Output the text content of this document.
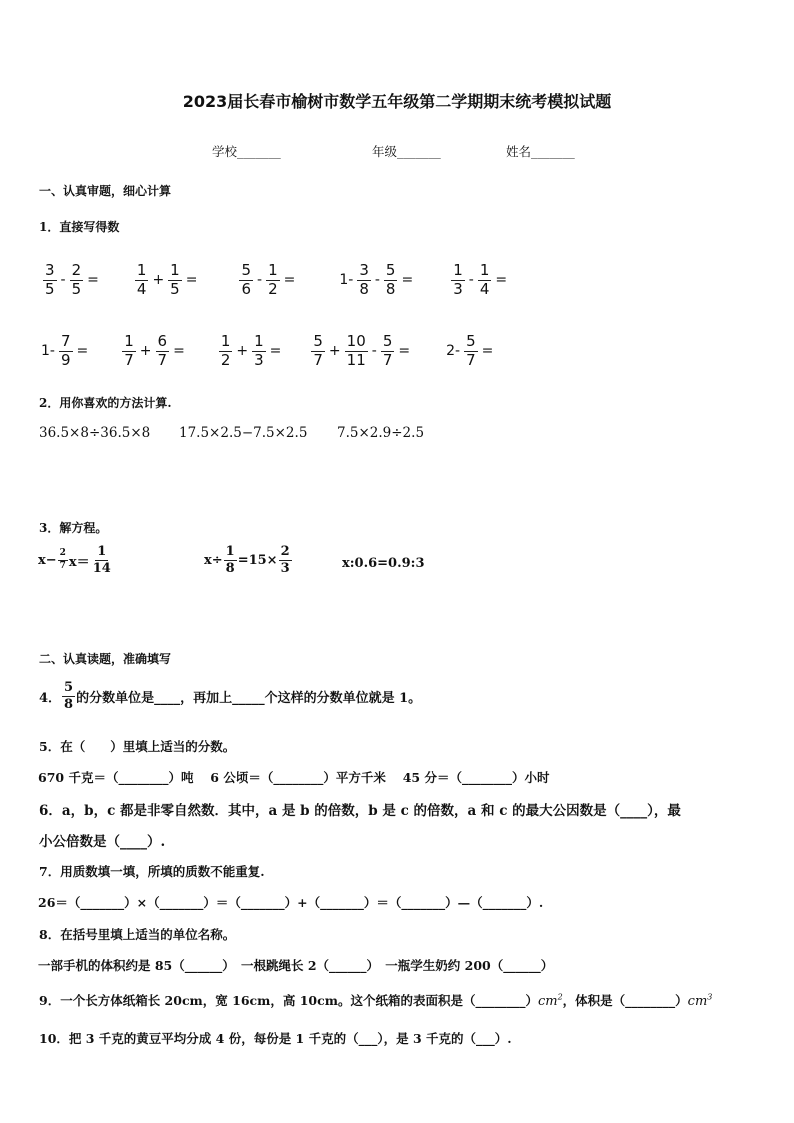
2023届长春市榆树市数学五年级第二学期期末统考模拟试题
学校_______	年级_______	姓名_______
一、认真审题，细心计算
1．直接写得数
$\frac{3}{5} - \frac{2}{5} = \frac{1}{4} + \frac{1}{5}$ =	$\frac{5}{6} - \frac{1}{2}$ =	$1- \frac{3}{8} - \frac{5}{8}$ =	$\frac{1}{3} - \frac{1}{4}$ =
$1- \frac{7}{9} = \frac{1}{7} + \frac{6}{7} = \frac{1}{2} + \frac{1}{3} = \frac{5}{7} + \frac{10}{11} - \frac{5}{7}$ =	$2- \frac{5}{7}$ =
2．用你喜欢的方法计算.
36.5×8÷36.5×8 17.5×2.5−7.5×2.5 7.5×2.9÷2.5
3．解方程。
$x- \frac{2}{7} x= \frac{1}{14}$	$x\div \frac{1}{8} =15\times \frac{2}{3}$	x:0.6=0.9:3
二、认真读题，准确填写
4． $\frac{5}{8}$ 的分数单位是____，再加上_____个这样的分数单位就是 1。
5．在（　　）里填上适当的分数。
670 千克＝（________）吨　 6 公顷＝（________）平方千米　 45 分＝（________）小时
6．a，b，c 都是非零自然数．其中，a 是 b 的倍数，b 是 c 的倍数，a 和 c 的最大公因数是（____），最
小公倍数是（____）.
7．用质数填一填，所填的质数不能重复.
26＝（_______）×（_______）＝（_______）+（_______）＝（_______）—（_______）.
8．在括号里填上适当的单位名称。
一部手机的体积约是 85（______）　一根跳绳长 2（______）　一瓶学生奶约 200（______）
9．一个长方体纸箱长 20cm，宽 16cm，高 10cm。这个纸箱的表面积是$(\_\_\_\_\_\_\_\_)cm^2$，体积是$(\_\_\_\_\_\_\_\_)cm^3$
10．把 3 千克的黄豆平均分成 4 份，每份是 1 千克的（___），是 3 千克的（___）.
